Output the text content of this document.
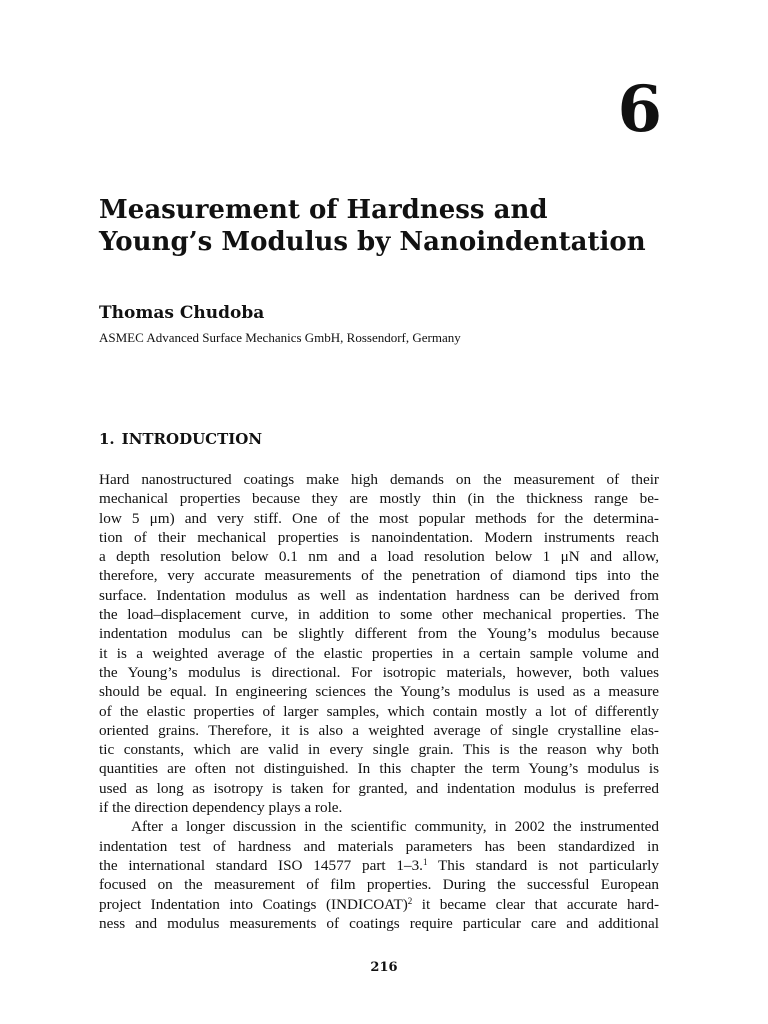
6
Measurement of Hardness and
Young’s Modulus by Nanoindentation

Thomas Chudoba

ASMEC Advanced Surface Mechanics GmbH, Rossendorf, Germany

1. INTRODUCTION
Hard nanostructured coatings make high demands on the measurement of their
mechanical properties because they are mostly thin (in the thickness range be-
low 5 μm) and very stiff. One of the most popular methods for the determina-
tion of their mechanical properties is nanoindentation. Modern instruments reach
a depth resolution below 0.1 nm and a load resolution below 1 μN and allow,
therefore, very accurate measurements of the penetration of diamond tips into the
surface. Indentation modulus as well as indentation hardness can be derived from
the load–displacement curve, in addition to some other mechanical properties. The
indentation modulus can be slightly different from the Young’s modulus because
it is a weighted average of the elastic properties in a certain sample volume and
the Young’s modulus is directional. For isotropic materials, however, both values
should be equal. In engineering sciences the Young’s modulus is used as a measure
of the elastic properties of larger samples, which contain mostly a lot of differently
oriented grains. Therefore, it is also a weighted average of single crystalline elas-
tic constants, which are valid in every single grain. This is the reason why both
quantities are often not distinguished. In this chapter the term Young’s modulus is
used as long as isotropy is taken for granted, and indentation modulus is preferred
if the direction dependency plays a role.
After a longer discussion in the scientific community, in 2002 the instrumented
indentation test of hardness and materials parameters has been standardized in
the international standard ISO 14577 part 1–3.$^1$ This standard is not particularly
focused on the measurement of film properties. During the successful European
project Indentation into Coatings (INDICOAT)$^2$ it became clear that accurate hard-
ness and modulus measurements of coatings require particular care and additional
216
